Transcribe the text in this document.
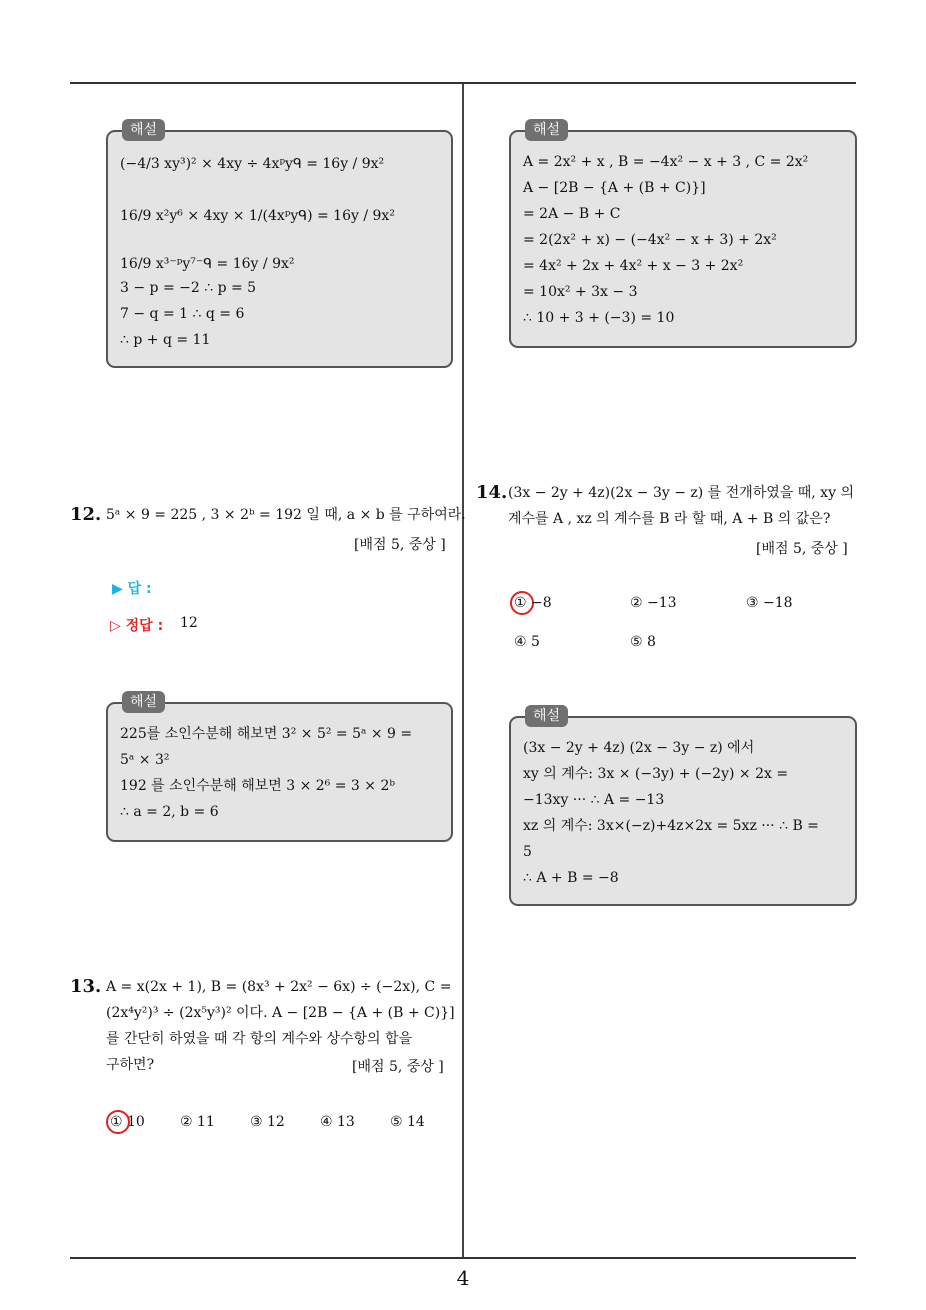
4
해설
(−4/3 xy³)² × 4xy ÷ 4xᵖyᑫ = 16y / 9x²
16/9 x²y⁶ × 4xy × 1/(4xᵖyᑫ) = 16y / 9x²
16/9 x³⁻ᵖy⁷⁻ᑫ = 16y / 9x²
3 − p = −2 ∴ p = 5
7 − q = 1 ∴ q = 6
∴ p + q = 11
해설
A = 2x² + x , B = −4x² − x + 3 , C = 2x²
A − [2B − {A + (B + C)}]
= 2A − B + C
= 2(2x² + x) − (−4x² − x + 3) + 2x²
= 4x² + 2x + 4x² + x − 3 + 2x²
= 10x² + 3x − 3
∴ 10 + 3 + (−3) = 10
12. 5ᵃ × 9 = 225 , 3 × 2ᵇ = 192 일 때, a × b 를 구하여라.
[배점 5, 중상 ]
▶ 답 :
▷ 정답 : 12
해설
225를 소인수분해 해보면 3² × 5² = 5ᵃ × 9 =
5ᵃ × 3²
192 를 소인수분해 해보면 3 × 2⁶ = 3 × 2ᵇ
∴ a = 2, b = 6
13. A = x(2x + 1), B = (8x³ + 2x² − 6x) ÷ (−2x), C =
(2x⁴y²)³ ÷ (2x⁵y³)² 이다. A − [2B − {A + (B + C)}]
를 간단히 하였을 때 각 항의 계수와 상수항의 합을
구하면?	[배점 5, 중상 ]
① 10	② 11	③ 12	④ 13	⑤ 14
14. (3x − 2y + 4z)(2x − 3y − z) 를 전개하였을 때, xy 의
계수를 A , xz 의 계수를 B 라 할 때, A + B 의 값은?
[배점 5, 중상 ]
① −8	② −13	③ −18
④ 5	⑤ 8
해설
(3x − 2y + 4z) (2x − 3y − z) 에서
xy 의 계수: 3x × (−3y) + (−2y) × 2x =
−13xy ··· ∴ A = −13
xz 의 계수: 3x×(−z)+4z×2x = 5xz ··· ∴ B =
5
∴ A + B = −8
